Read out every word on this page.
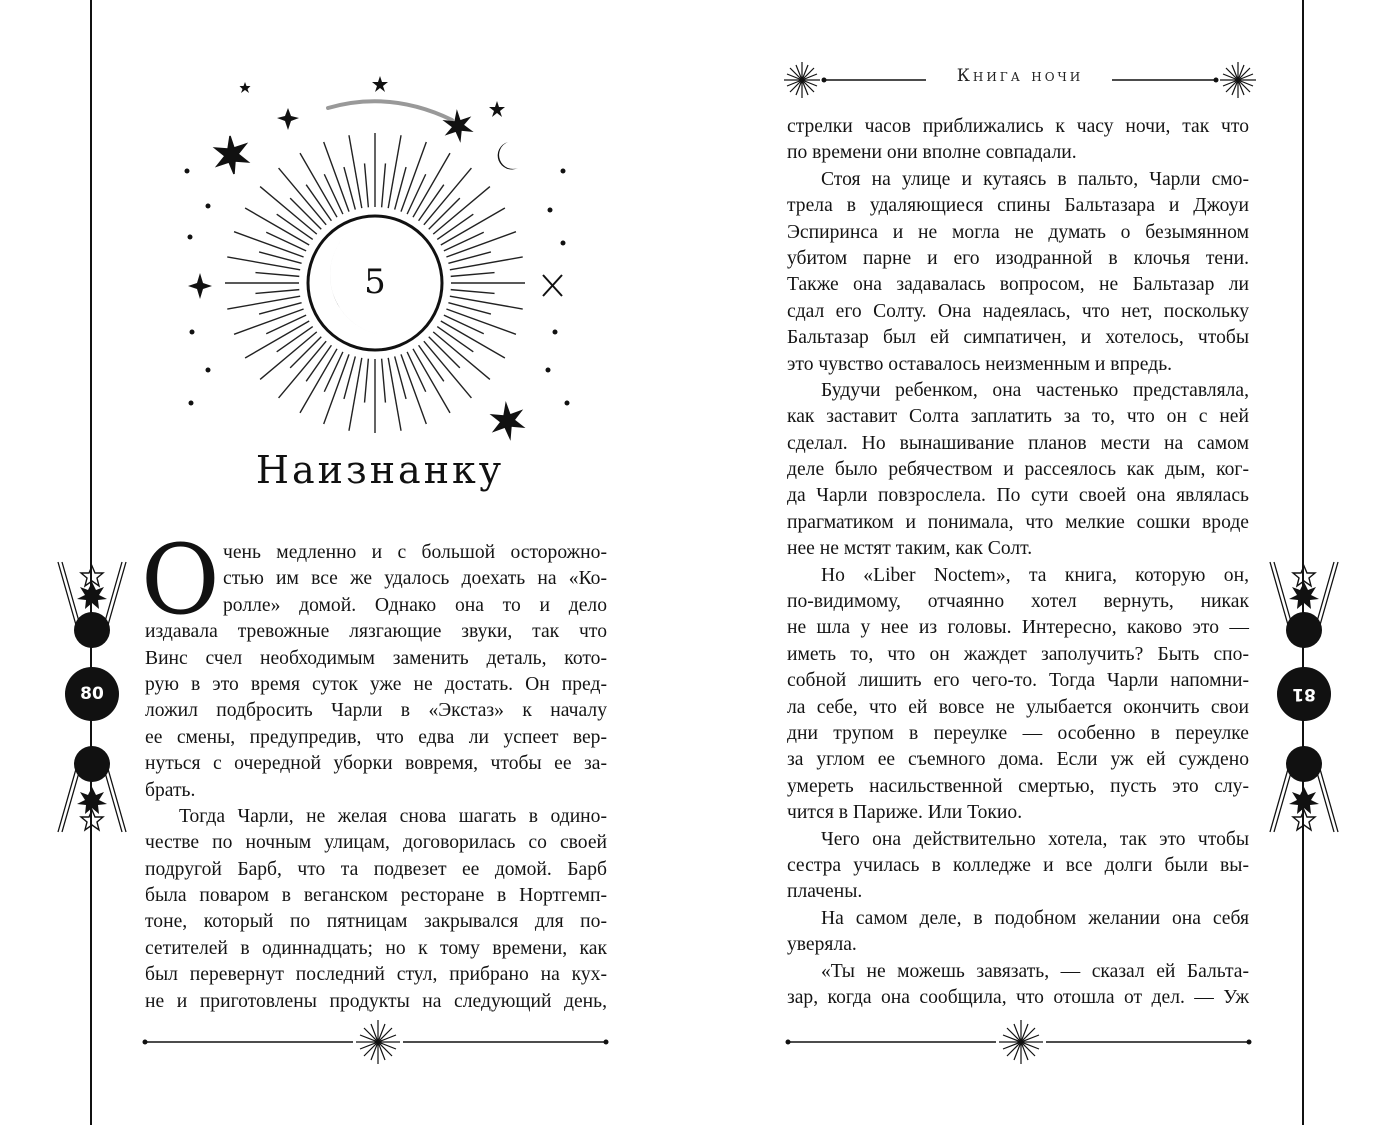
5
Наизнанку
О чень медленно и с большой осторожно-
стью им все же удалось доехать на «Ко-
ролле» домой. Однако она то и дело
издавала тревожные лязгающие звуки, так что
Винс счел необходимым заменить деталь, кото-
рую в это время суток уже не достать. Он пред-
ложил подбросить Чарли в «Экстаз» к началу
ее смены, предупредив, что едва ли успеет вер-
нуться с очередной уборки вовремя, чтобы ее за-
брать.
Тогда Чарли, не желая снова шагать в одино-
честве по ночным улицам, договорилась со своей
подругой Барб, что та подвезет ее домой. Барб
была поваром в веганском ресторане в Нортгемп-
тоне, который по пятницам закрывался для по-
сетителей в одиннадцать; но к тому времени, как
был перевернут последний стул, прибрано на кух-
не и приготовлены продукты на следующий день,
80
Книга ночи
стрелки часов приближались к часу ночи, так что
по времени они вполне совпадали.
Стоя на улице и кутаясь в пальто, Чарли смо-
трела в удаляющиеся спины Бальтазара и Джоуи
Эспиринса и не могла не думать о безымянном
убитом парне и его изодранной в клочья тени.
Также она задавалась вопросом, не Бальтазар ли
сдал его Солту. Она надеялась, что нет, поскольку
Бальтазар был ей симпатичен, и хотелось, чтобы
это чувство оставалось неизменным и впредь.
Будучи ребенком, она частенько представляла,
как заставит Солта заплатить за то, что он с ней
сделал. Но вынашивание планов мести на самом
деле было ребячеством и рассеялось как дым, ког-
да Чарли повзрослела. По сути своей она являлась
прагматиком и понимала, что мелкие сошки вроде
нее не мстят таким, как Солт.
Но «Liber Noctem», та книга, которую он,
по-видимому, отчаянно хотел вернуть, никак
не шла у нее из головы. Интересно, каково это —
иметь то, что он жаждет заполучить? Быть спо-
собной лишить его чего-то. Тогда Чарли напомни-
ла себе, что ей вовсе не улыбается окончить свои
дни трупом в переулке — особенно в переулке
за углом ее съемного дома. Если уж ей суждено
умереть насильственной смертью, пусть это слу-
чится в Париже. Или Токио.
Чего она действительно хотела, так это чтобы
сестра училась в колледже и все долги были вы-
плачены.
На самом деле, в подобном желании она себя
уверяла.
«Ты не можешь завязать, — сказал ей Бальта-
зар, когда она сообщила, что отошла от дел. — Уж
81
